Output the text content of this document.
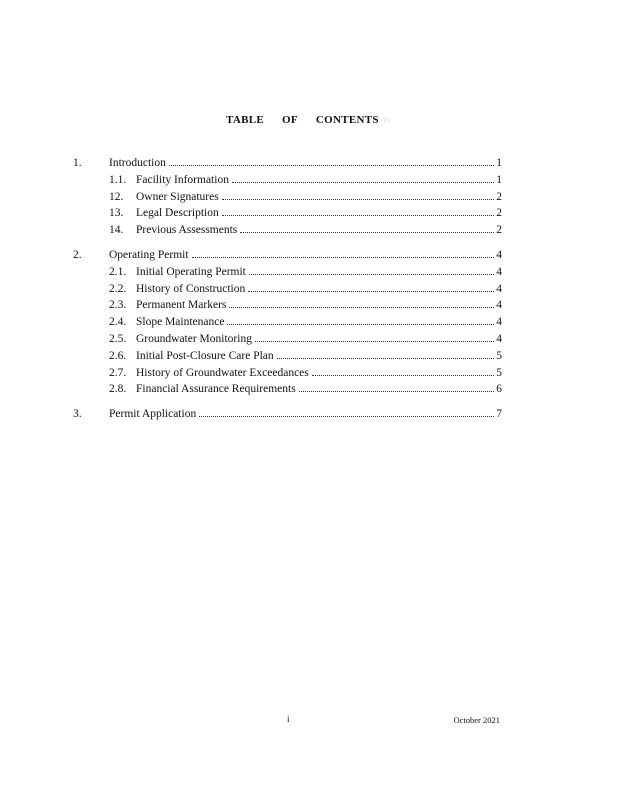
TABLE OF CONTENTS iv
1. Introduction	1
1.1. Facility Information	1
12. Owner Signatures	2
13. Legal Description	2
14. Previous Assessments	2
2. Operating Permit	4
2.1. Initial Operating Permit	4
2.2. History of Construction	4
2.3. Permanent Markers	4
2.4. Slope Maintenance	4
2.5. Groundwater Monitoring	4
2.6. Initial Post-Closure Care Plan	5
2.7. History of Groundwater Exceedances	5
2.8. Financial Assurance Requirements	6
3. Permit Application	7
i	October 2021
